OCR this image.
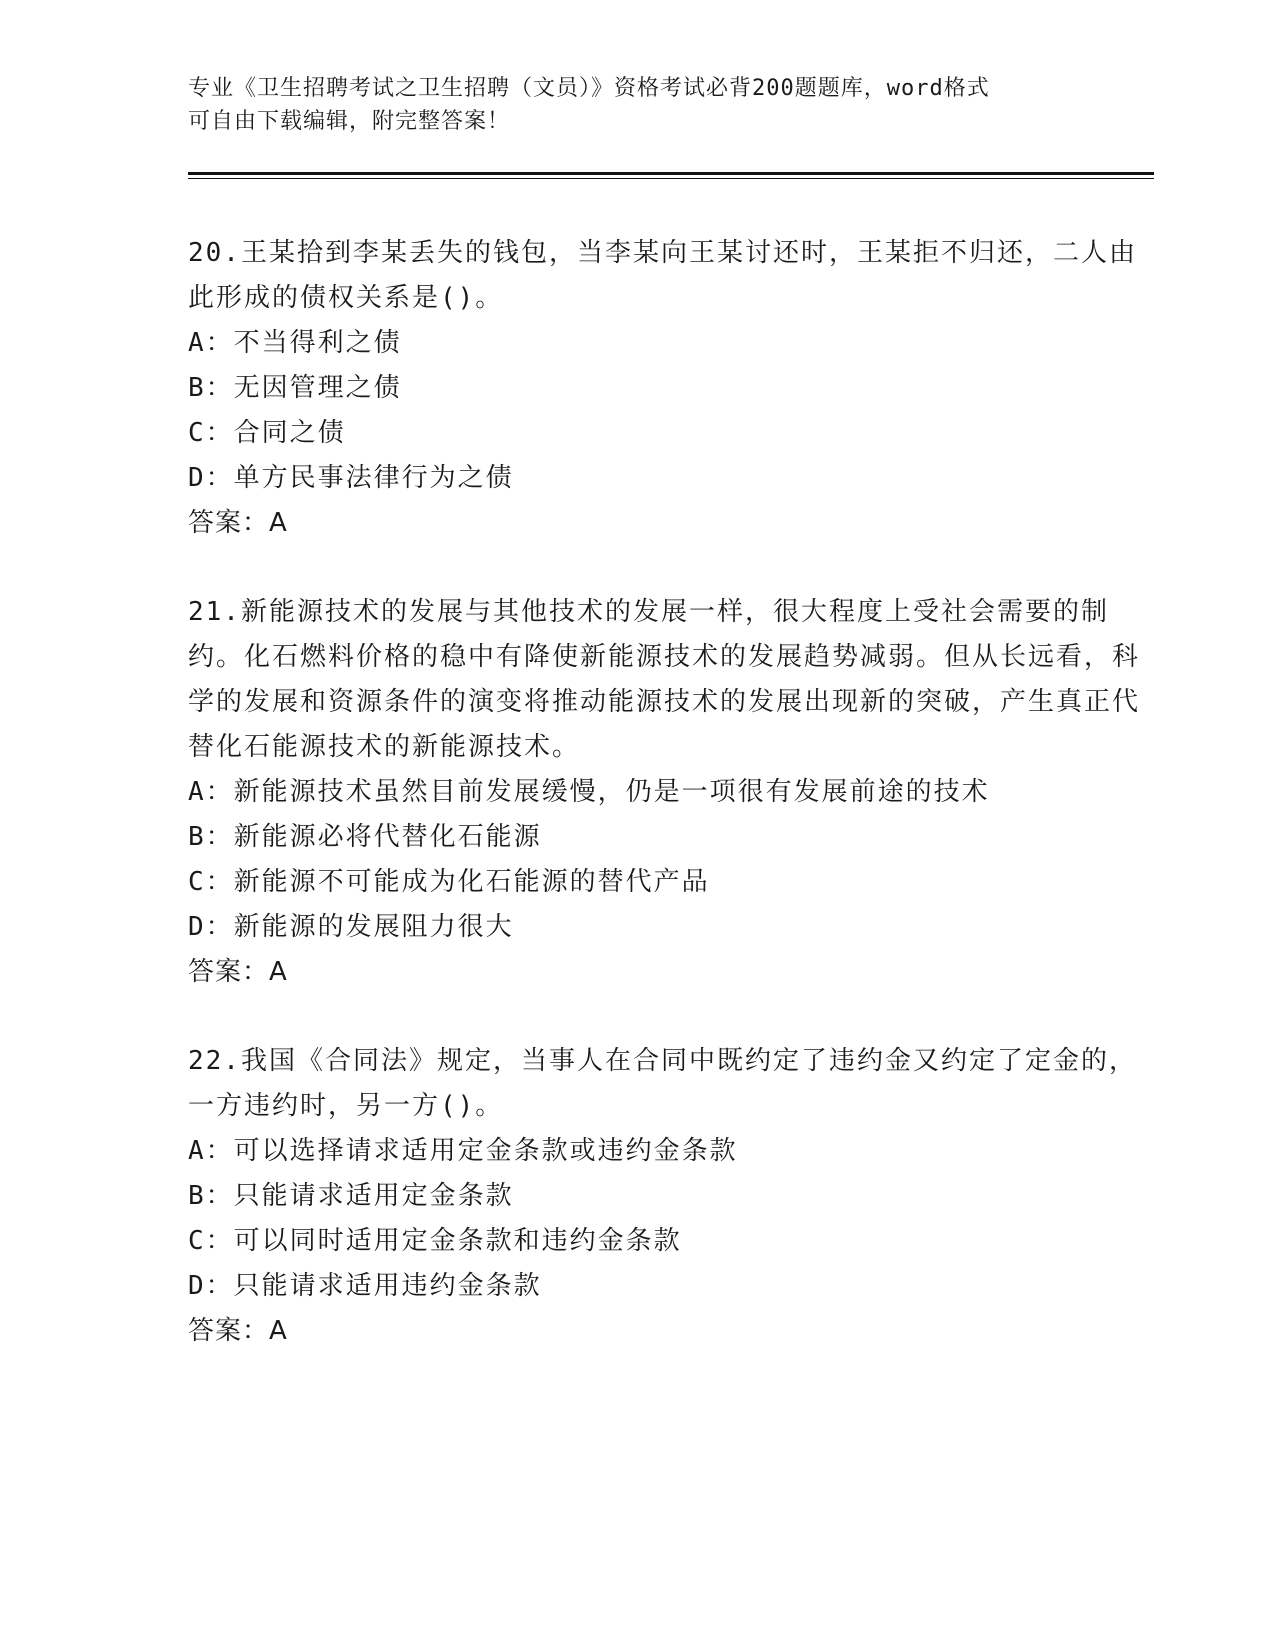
专业《卫生招聘考试之卫生招聘（文员）》资格考试必背200题题库，word格式
可自由下载编辑，附完整答案！

20.王某拾到李某丢失的钱包，当李某向王某讨还时，王某拒不归还，二人由此形成的债权关系是()。

A：不当得利之债

B：无因管理之债

C：合同之债

D：单方民事法律行为之债

答案：A

21.新能源技术的发展与其他技术的发展一样，很大程度上受社会需要的制约。化石燃料价格的稳中有降使新能源技术的发展趋势减弱。但从长远看，科学的发展和资源条件的演变将推动能源技术的发展出现新的突破，产生真正代替化石能源技术的新能源技术。

A：新能源技术虽然目前发展缓慢，仍是一项很有发展前途的技术

B：新能源必将代替化石能源

C：新能源不可能成为化石能源的替代产品

D：新能源的发展阻力很大

答案：A

22.我国《合同法》规定，当事人在合同中既约定了违约金又约定了定金的，一方违约时，另一方()。

A：可以选择请求适用定金条款或违约金条款

B：只能请求适用定金条款

C：可以同时适用定金条款和违约金条款

D：只能请求适用违约金条款

答案：A
